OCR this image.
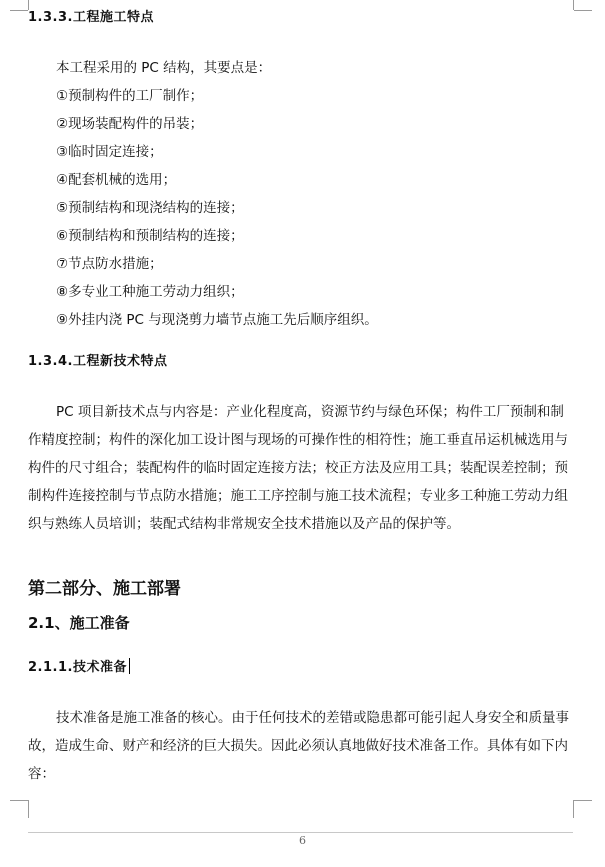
1.3.3.工程施工特点
本工程采用的 PC 结构，其要点是：
①预制构件的工厂制作；
②现场装配构件的吊装；
③临时固定连接；
④配套机械的选用；
⑤预制结构和现浇结构的连接；
⑥预制结构和预制结构的连接；
⑦节点防水措施；
⑧多专业工种施工劳动力组织；
⑨外挂内浇 PC 与现浇剪力墙节点施工先后顺序组织。
1.3.4.工程新技术特点
PC 项目新技术点与内容是：产业化程度高，资源节约与绿色环保；构件工厂预制和制作精度控制；构件的深化加工设计图与现场的可操作性的相符性；施工垂直吊运机械选用与构件的尺寸组合；装配构件的临时固定连接方法；校正方法及应用工具；装配误差控制；预制构件连接控制与节点防水措施；施工工序控制与施工技术流程；专业多工种施工劳动力组织与熟练人员培训；装配式结构非常规安全技术措施以及产品的保护等。
第二部分、施工部署
2.1、施工准备
2.1.1.技术准备
技术准备是施工准备的核心。由于任何技术的差错或隐患都可能引起人身安全和质量事故，造成生命、财产和经济的巨大损失。因此必须认真地做好技术准备工作。具体有如下内容：
6
